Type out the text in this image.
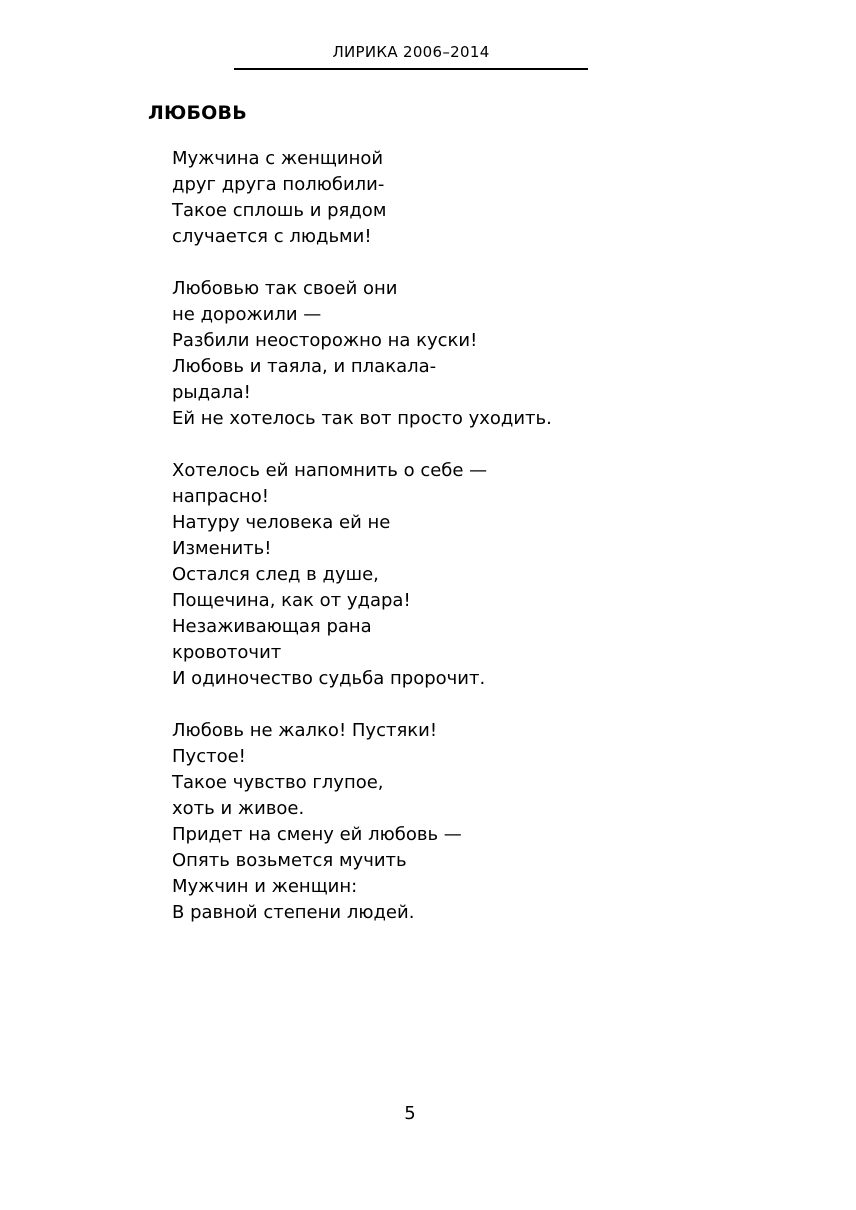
ЛИРИКА 2006–2014
ЛЮБОВЬ
Мужчина с женщиной
друг друга полюбили-
Такое сплошь и рядом
случается с людьми!
Любовью так своей они
не дорожили —
Разбили неосторожно на куски!
Любовь и таяла, и плакала-
рыдала!
Ей не хотелось так вот просто уходить.
Хотелось ей напомнить о себе —
напрасно!
Натуру человека ей не
Изменить!
Остался след в душе,
Пощечина, как от удара!
Незаживающая рана
кровоточит
И одиночество судьба пророчит.
Любовь не жалко! Пустяки!
Пустое!
Такое чувство глупое,
хоть и живое.
Придет на смену ей любовь —
Опять возьмется мучить
Мужчин и женщин:
В равной степени людей.
5
